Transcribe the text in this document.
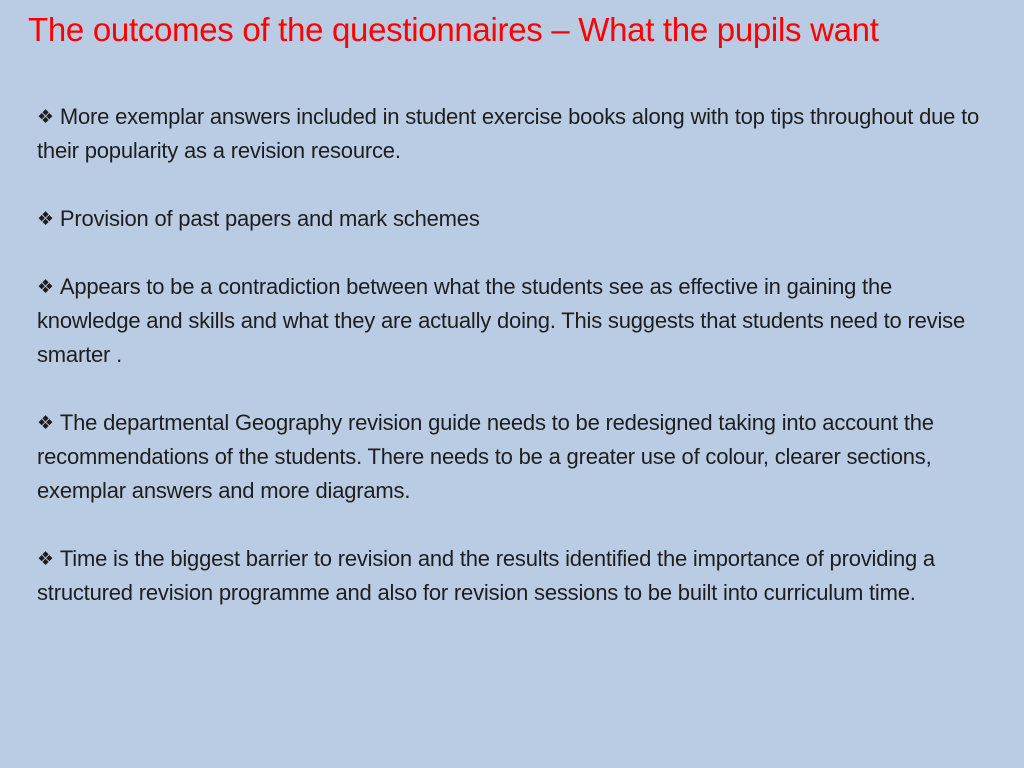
The outcomes of the questionnaires – What the pupils want
❖ More exemplar answers included in student exercise books along with top tips throughout due to their popularity as a revision resource.
❖ Provision of past papers and mark schemes
❖ Appears to be a contradiction between what the students see as effective in gaining the knowledge and skills and what they are actually doing. This suggests that students need to revise smarter .
❖ The departmental Geography revision guide needs to be redesigned taking into account the recommendations of the students. There needs to be a greater use of colour, clearer sections, exemplar answers and more diagrams.
❖ Time is the biggest barrier to revision and the results identified the importance of providing a structured revision programme and also for revision sessions to be built into curriculum time.
